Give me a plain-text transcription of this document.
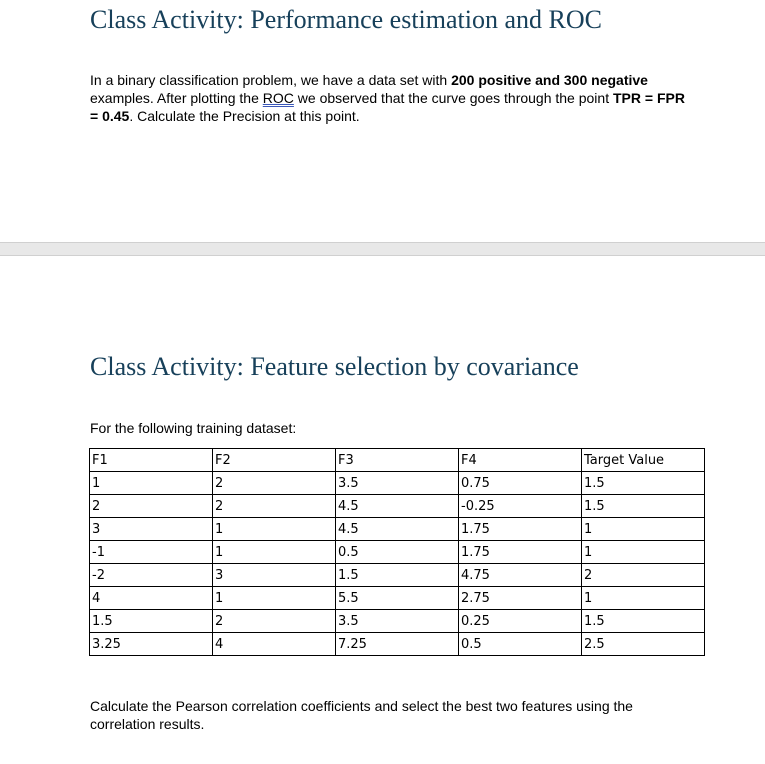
Class Activity: Performance estimation and ROC

In a binary classification problem, we have a data set with 200 positive and 300 negative examples. After plotting the ROC we observed that the curve goes through the point TPR = FPR = 0.45. Calculate the Precision at this point.

Class Activity: Feature selection by covariance

For the following training dataset:

F1	F2	F3	F4	Target Value
1	2	3.5	0.75	1.5
2	2	4.5	-0.25	1.5
3	1	4.5	1.75	1
-1	1	0.5	1.75	1
-2	3	1.5	4.75	2
4	1	5.5	2.75	1
1.5	2	3.5	0.25	1.5
3.25	4	7.25	0.5	2.5

Calculate the Pearson correlation coefficients and select the best two features using the correlation results.
